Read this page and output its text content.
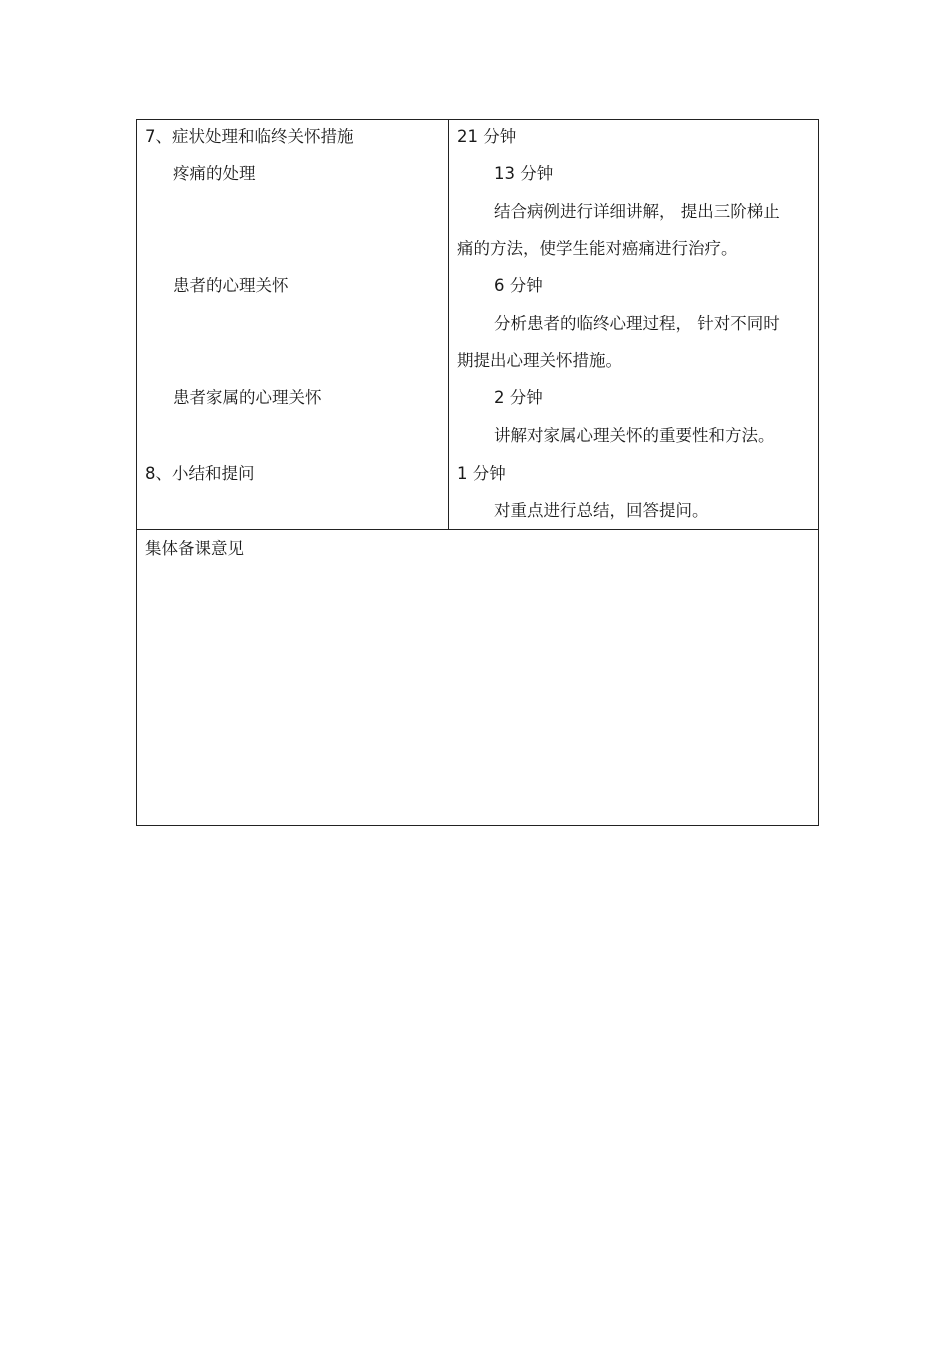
7、症状处理和临终关怀措施
疼痛的处理
患者的心理关怀
患者家属的心理关怀
8、小结和提问
21 分钟
13 分钟
结合病例进行详细讲解， 提出三阶梯止
痛的方法，使学生能对癌痛进行治疗。
6 分钟
分析患者的临终心理过程， 针对不同时
期提出心理关怀措施。
2 分钟
讲解对家属心理关怀的重要性和方法。
1 分钟
对重点进行总结，回答提问。
集体备课意见
